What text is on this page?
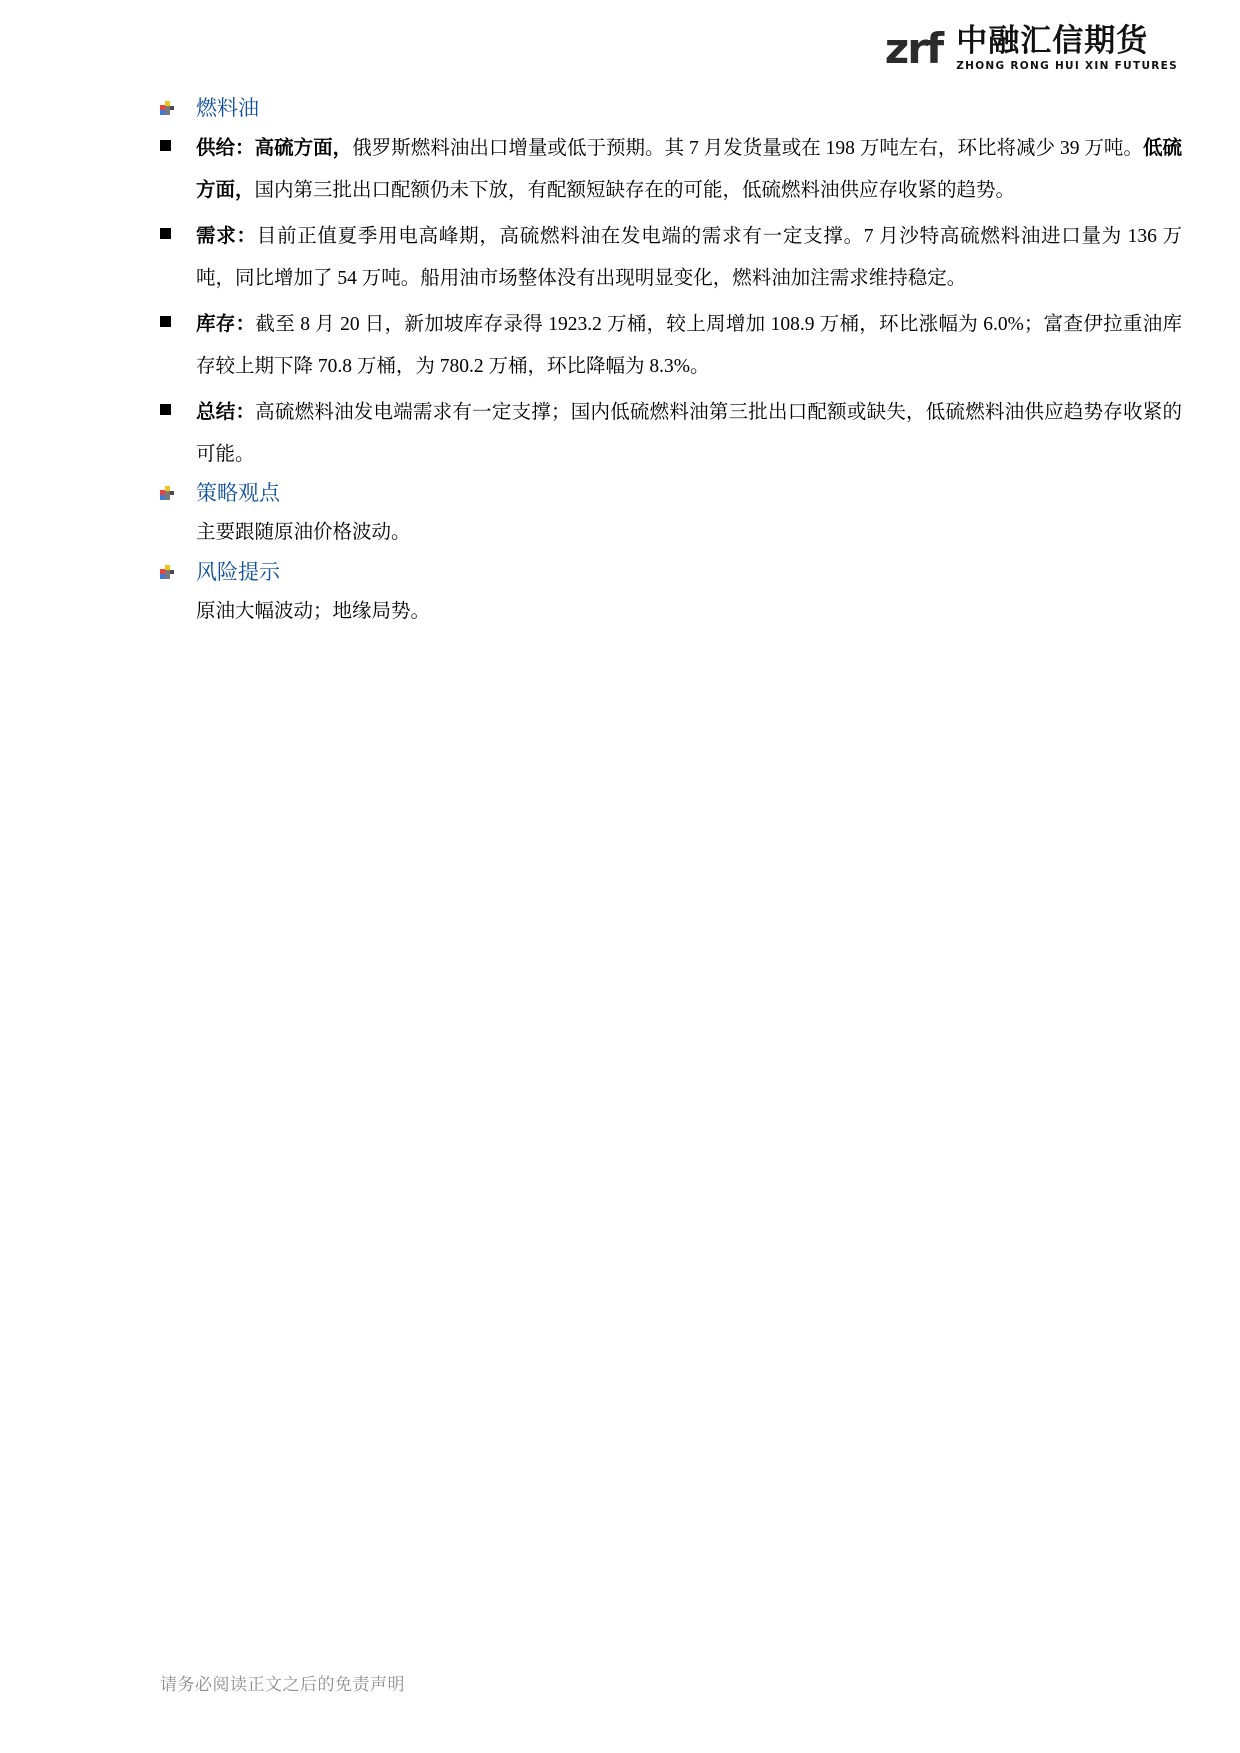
zrf 中融汇信期货
ZHONG RONG HUI XIN FUTURES
燃料油
供给：高硫方面，俄罗斯燃料油出口增量或低于预期。其 7 月发货量或在 198 万吨左右，环比将减少 39 万吨。低硫方面，国内第三批出口配额仍未下放，有配额短缺存在的可能，低硫燃料油供应存收紧的趋势。
需求：目前正值夏季用电高峰期，高硫燃料油在发电端的需求有一定支撑。7 月沙特高硫燃料油进口量为 136 万吨，同比增加了 54 万吨。船用油市场整体没有出现明显变化，燃料油加注需求维持稳定。
库存：截至 8 月 20 日，新加坡库存录得 1923.2 万桶，较上周增加 108.9 万桶，环比涨幅为 6.0%；富查伊拉重油库存较上期下降 70.8 万桶，为 780.2 万桶，环比降幅为 8.3%。
总结：高硫燃料油发电端需求有一定支撑；国内低硫燃料油第三批出口配额或缺失，低硫燃料油供应趋势存收紧的可能。
策略观点
主要跟随原油价格波动。
风险提示
原油大幅波动；地缘局势。
请务必阅读正文之后的免责声明
